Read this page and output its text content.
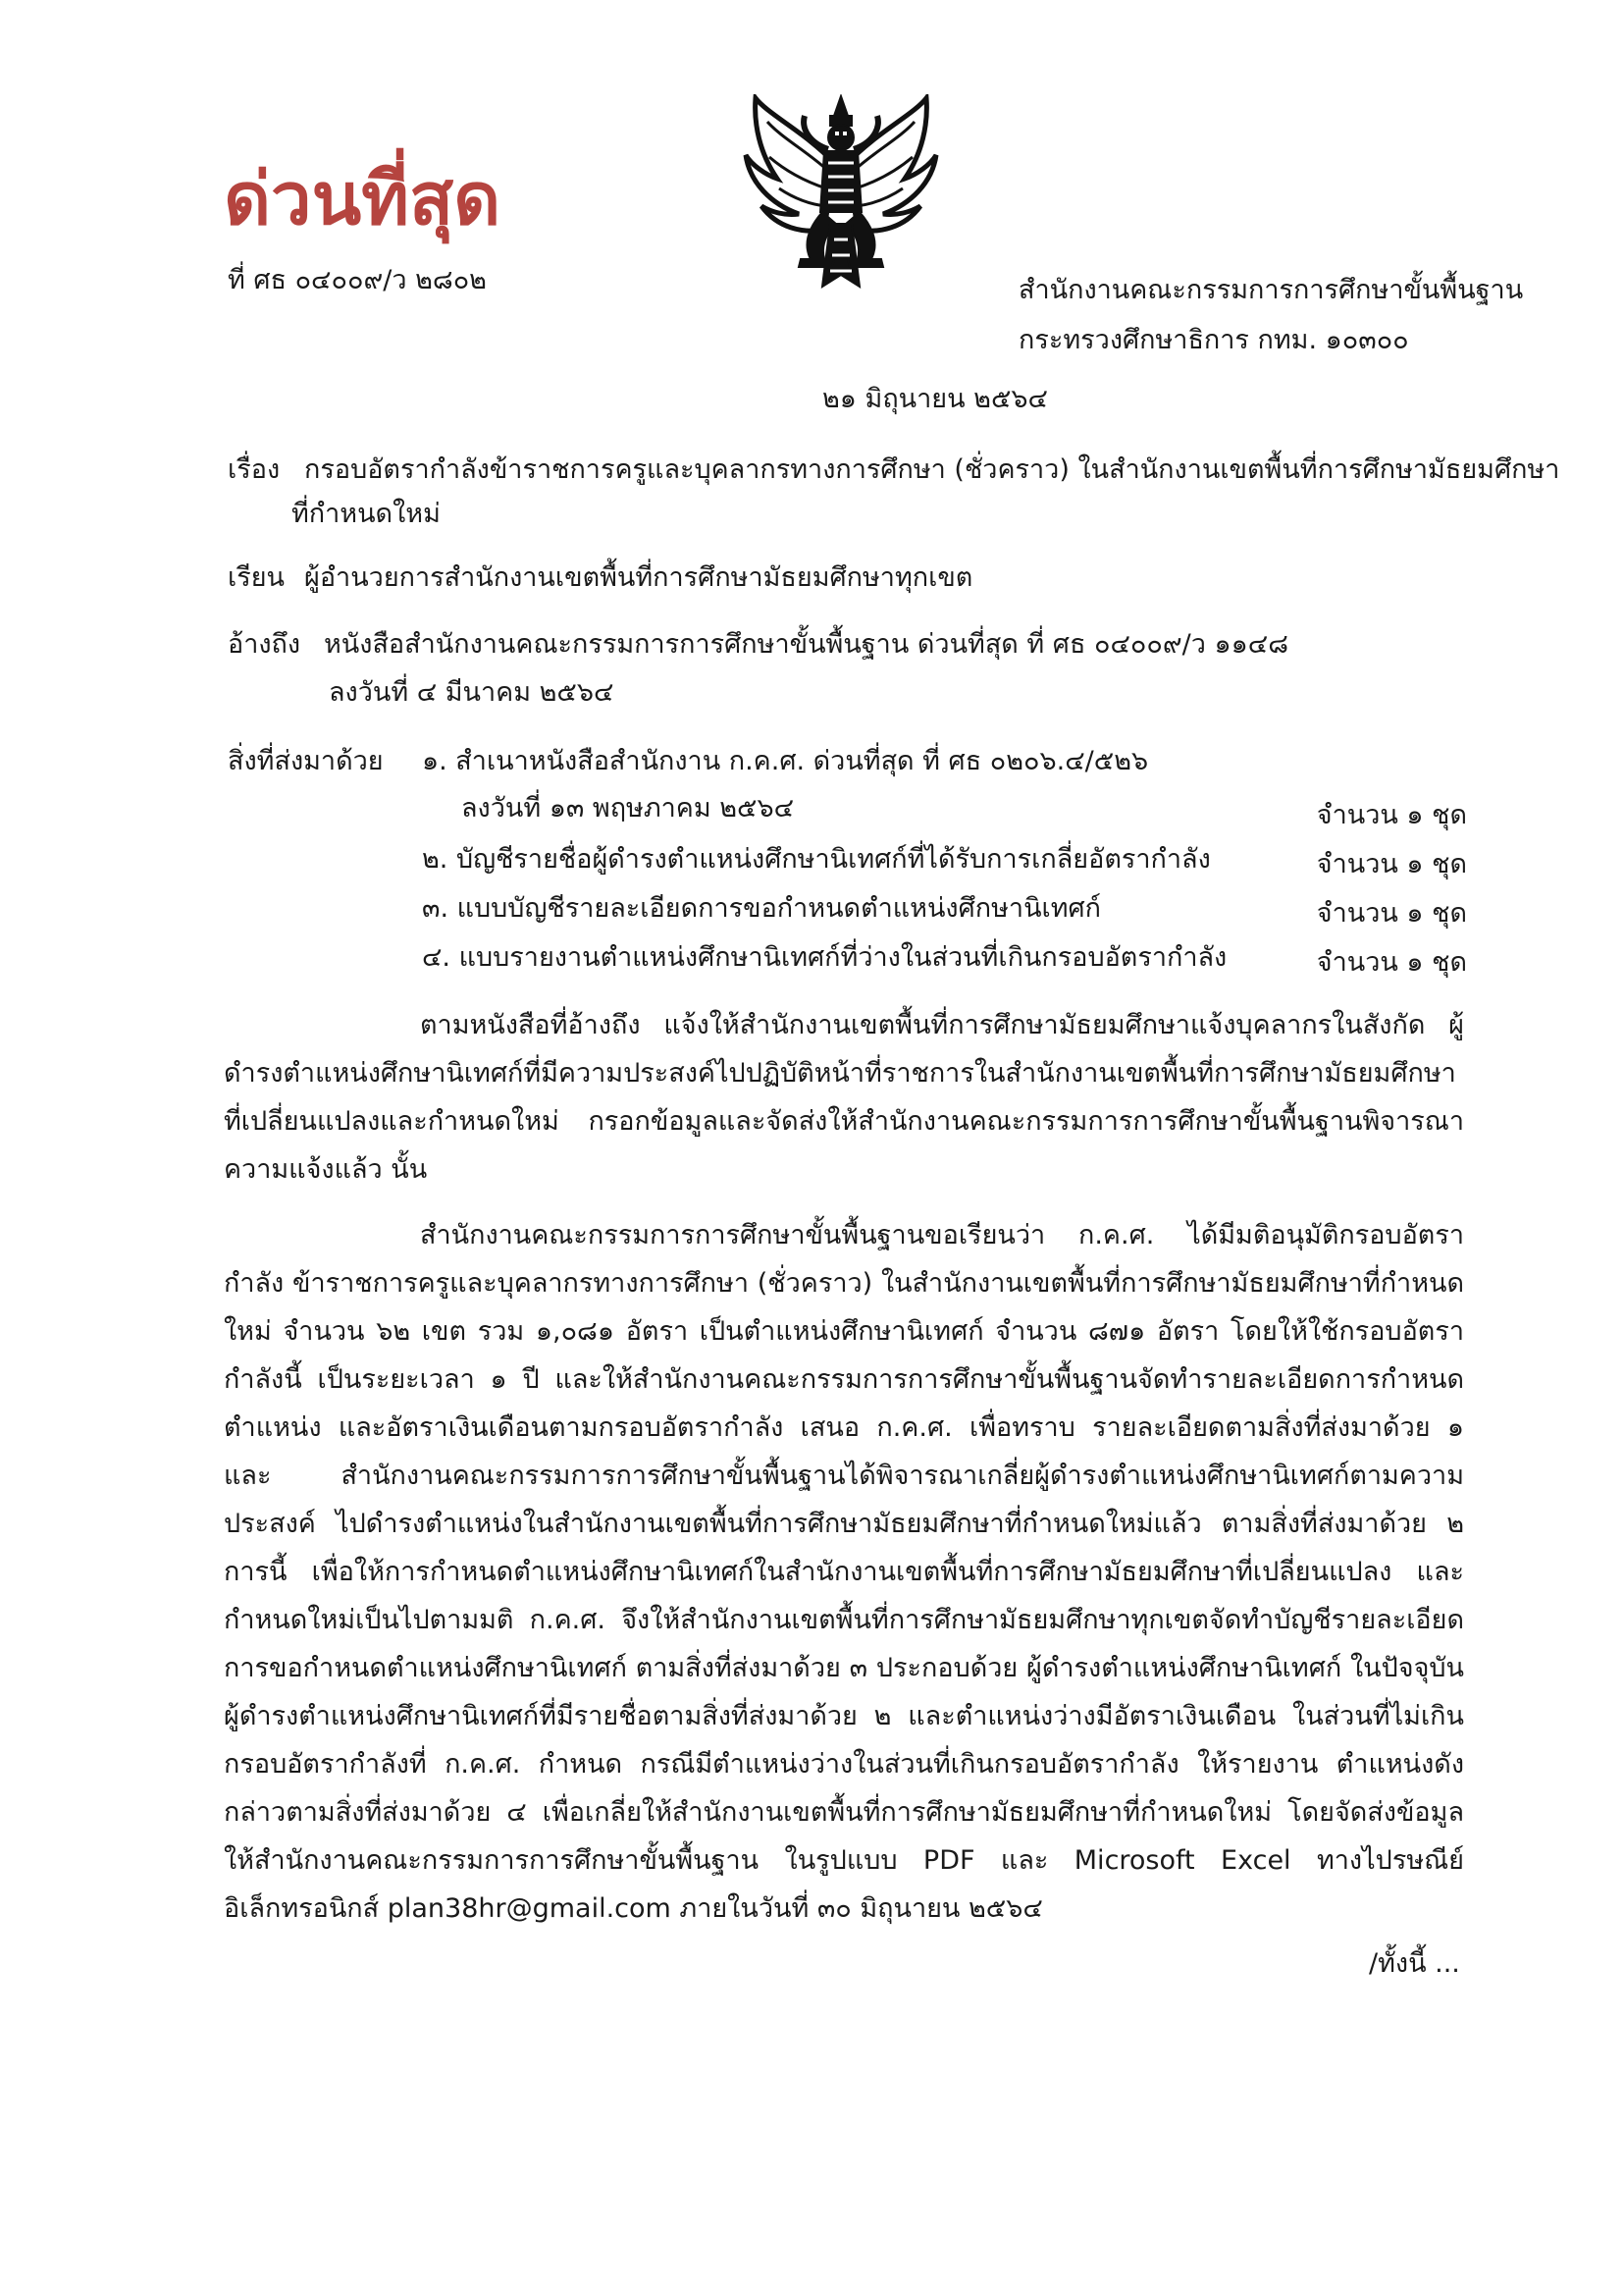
ด่วนที่สุด
ที่ ศธ ๐๔๐๐๙/ว ๒๘๐๒	สำนักงานคณะกรรมการการศึกษาขั้นพื้นฐาน
กระทรวงศึกษาธิการ กทม. ๑๐๓๐๐
๒๑ มิถุนายน ๒๕๖๔
เรื่อง กรอบอัตรากำลังข้าราชการครูและบุคลากรทางการศึกษา (ชั่วคราว) ในสำนักงานเขตพื้นที่การศึกษามัธยมศึกษา
ที่กำหนดใหม่
เรียน ผู้อำนวยการสำนักงานเขตพื้นที่การศึกษามัธยมศึกษาทุกเขต
อ้างถึง หนังสือสำนักงานคณะกรรมการการศึกษาขั้นพื้นฐาน ด่วนที่สุด ที่ ศธ ๐๔๐๐๙/ว ๑๑๔๘
ลงวันที่ ๔ มีนาคม ๒๕๖๔
สิ่งที่ส่งมาด้วย ๑. สำเนาหนังสือสำนักงาน ก.ค.ศ. ด่วนที่สุด ที่ ศธ ๐๒๐๖.๔/๕๒๖
ลงวันที่ ๑๓ พฤษภาคม ๒๕๖๔	จำนวน ๑ ชุด
๒. บัญชีรายชื่อผู้ดำรงตำแหน่งศึกษานิเทศก์ที่ได้รับการเกลี่ยอัตรากำลัง	จำนวน ๑ ชุด
๓. แบบบัญชีรายละเอียดการขอกำหนดตำแหน่งศึกษานิเทศก์	จำนวน ๑ ชุด
๔. แบบรายงานตำแหน่งศึกษานิเทศก์ที่ว่างในส่วนที่เกินกรอบอัตรากำลัง	จำนวน ๑ ชุด
ตามหนังสือที่อ้างถึง แจ้งให้สำนักงานเขตพื้นที่การศึกษามัธยมศึกษาแจ้งบุคลากรในสังกัด ผู้ดำรงตำแหน่งศึกษานิเทศก์ที่มีความประสงค์ไปปฏิบัติหน้าที่ราชการในสำนักงานเขตพื้นที่การศึกษามัธยมศึกษา ที่เปลี่ยนแปลงและกำหนดใหม่ กรอกข้อมูลและจัดส่งให้สำนักงานคณะกรรมการการศึกษาขั้นพื้นฐานพิจารณา ความแจ้งแล้ว นั้น
สำนักงานคณะกรรมการการศึกษาขั้นพื้นฐานขอเรียนว่า ก.ค.ศ. ได้มีมติอนุมัติกรอบอัตรากำลัง ข้าราชการครูและบุคลากรทางการศึกษา (ชั่วคราว) ในสำนักงานเขตพื้นที่การศึกษามัธยมศึกษาที่กำหนดใหม่ จำนวน ๖๒ เขต รวม ๑,๐๘๑ อัตรา เป็นตำแหน่งศึกษานิเทศก์ จำนวน ๘๗๑ อัตรา โดยให้ใช้กรอบอัตรากำลังนี้ เป็นระยะเวลา ๑ ปี และให้สำนักงานคณะกรรมการการศึกษาขั้นพื้นฐานจัดทำรายละเอียดการกำหนดตำแหน่ง และอัตราเงินเดือนตามกรอบอัตรากำลัง เสนอ ก.ค.ศ. เพื่อทราบ รายละเอียดตามสิ่งที่ส่งมาด้วย ๑ และ สำนักงานคณะกรรมการการศึกษาขั้นพื้นฐานได้พิจารณาเกลี่ยผู้ดำรงตำแหน่งศึกษานิเทศก์ตามความประสงค์ ไปดำรงตำแหน่งในสำนักงานเขตพื้นที่การศึกษามัธยมศึกษาที่กำหนดใหม่แล้ว ตามสิ่งที่ส่งมาด้วย ๒ การนี้ เพื่อให้การกำหนดตำแหน่งศึกษานิเทศก์ในสำนักงานเขตพื้นที่การศึกษามัธยมศึกษาที่เปลี่ยนแปลง และกำหนดใหม่เป็นไปตามมติ ก.ค.ศ. จึงให้สำนักงานเขตพื้นที่การศึกษามัธยมศึกษาทุกเขตจัดทำบัญชีรายละเอียด การขอกำหนดตำแหน่งศึกษานิเทศก์ ตามสิ่งที่ส่งมาด้วย ๓ ประกอบด้วย ผู้ดำรงตำแหน่งศึกษานิเทศก์ ในปัจจุบัน ผู้ดำรงตำแหน่งศึกษานิเทศก์ที่มีรายชื่อตามสิ่งที่ส่งมาด้วย ๒ และตำแหน่งว่างมีอัตราเงินเดือน ในส่วนที่ไม่เกินกรอบอัตรากำลังที่ ก.ค.ศ. กำหนด กรณีมีตำแหน่งว่างในส่วนที่เกินกรอบอัตรากำลัง ให้รายงาน ตำแหน่งดังกล่าวตามสิ่งที่ส่งมาด้วย ๔ เพื่อเกลี่ยให้สำนักงานเขตพื้นที่การศึกษามัธยมศึกษาที่กำหนดใหม่ โดยจัดส่งข้อมูลให้สำนักงานคณะกรรมการการศึกษาขั้นพื้นฐาน ในรูปแบบ PDF และ Microsoft Excel ทางไปรษณีย์อิเล็กทรอนิกส์ plan38hr@gmail.com ภายในวันที่ ๓๐ มิถุนายน ๒๕๖๔
/ทั้งนี้ ...
